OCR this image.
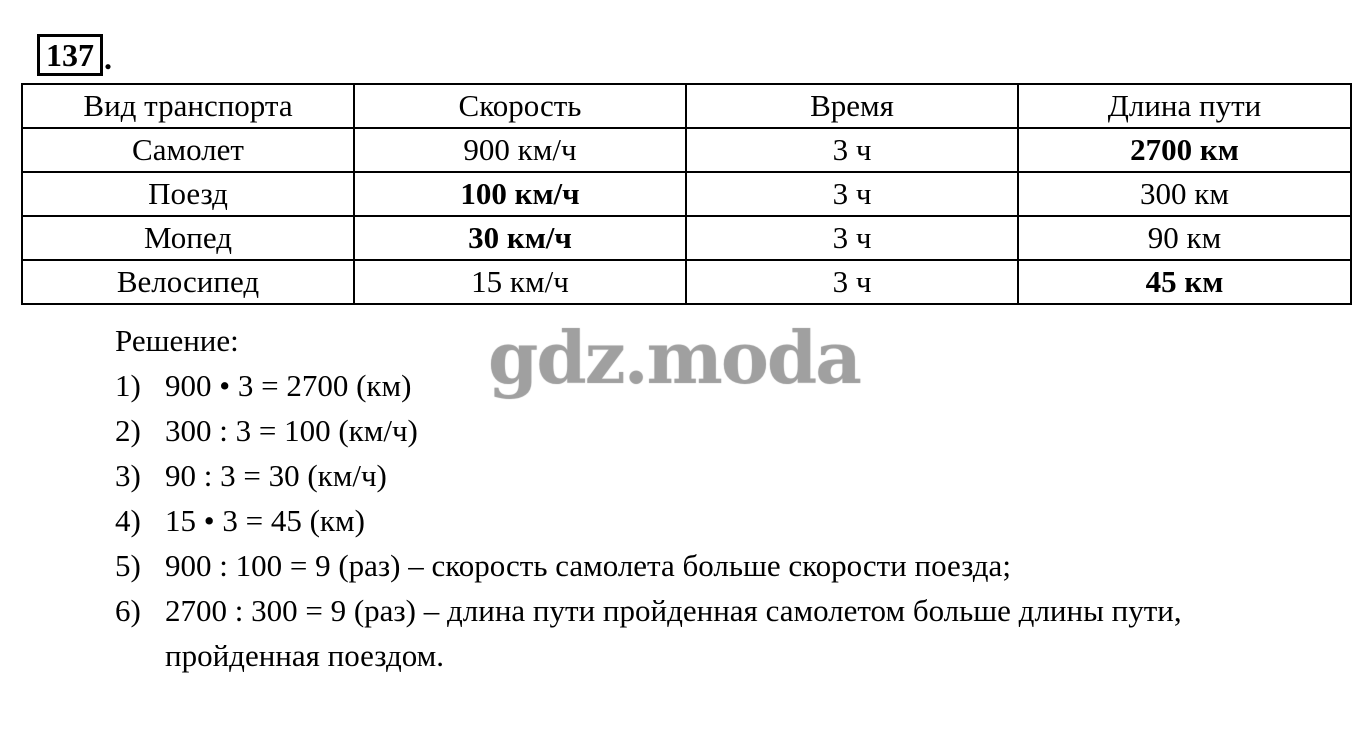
137 .
Вид транспорта	Скорость	Время	Длина пути
Самолет	900 км/ч	3 ч	2700 км
Поезд	100 км/ч	3 ч	300 км
Мопед	30 км/ч	3 ч	90 км
Велосипед	15 км/ч	3 ч	45 км
Решение:
1) 900 • 3 = 2700 (км)
2) 300 : 3 = 100 (км/ч)
3) 90 : 3 = 30 (км/ч)
4) 15 • 3 = 45 (км)
5) 900 : 100 = 9 (раз) – скорость самолета больше скорости поезда;
6) 2700 : 300 = 9 (раз) – длина пути пройденная самолетом больше длины пути, пройденная поездом.
gdz.moda
